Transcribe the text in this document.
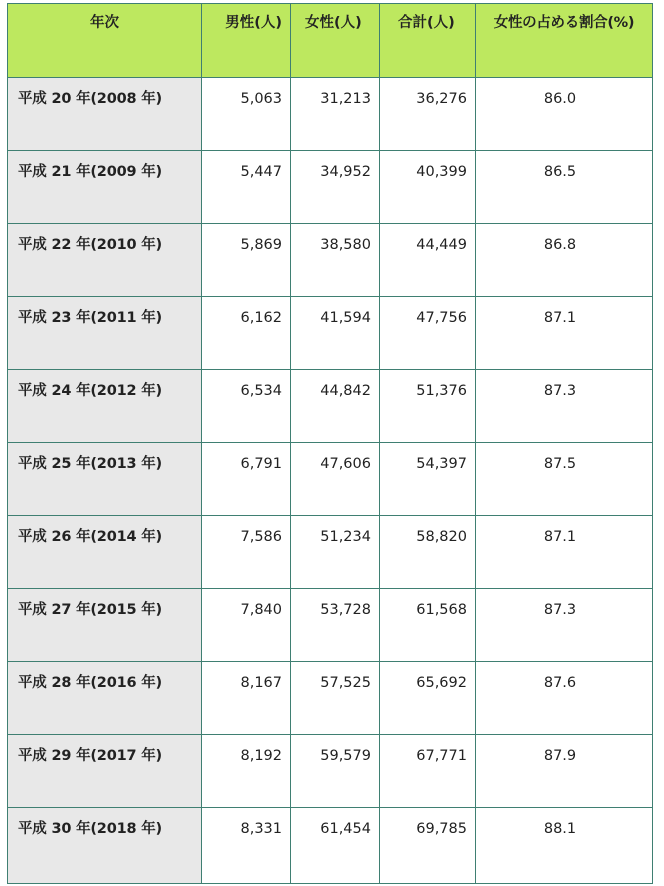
年次	男性(人)	女性(人)	合計(人)	女性の占める割合(%)
平成 20 年(2008 年)	5,063	31,213	36,276	86.0
平成 21 年(2009 年)	5,447	34,952	40,399	86.5
平成 22 年(2010 年)	5,869	38,580	44,449	86.8
平成 23 年(2011 年)	6,162	41,594	47,756	87.1
平成 24 年(2012 年)	6,534	44,842	51,376	87.3
平成 25 年(2013 年)	6,791	47,606	54,397	87.5
平成 26 年(2014 年)	7,586	51,234	58,820	87.1
平成 27 年(2015 年)	7,840	53,728	61,568	87.3
平成 28 年(2016 年)	8,167	57,525	65,692	87.6
平成 29 年(2017 年)	8,192	59,579	67,771	87.9
平成 30 年(2018 年)	8,331	61,454	69,785	88.1
